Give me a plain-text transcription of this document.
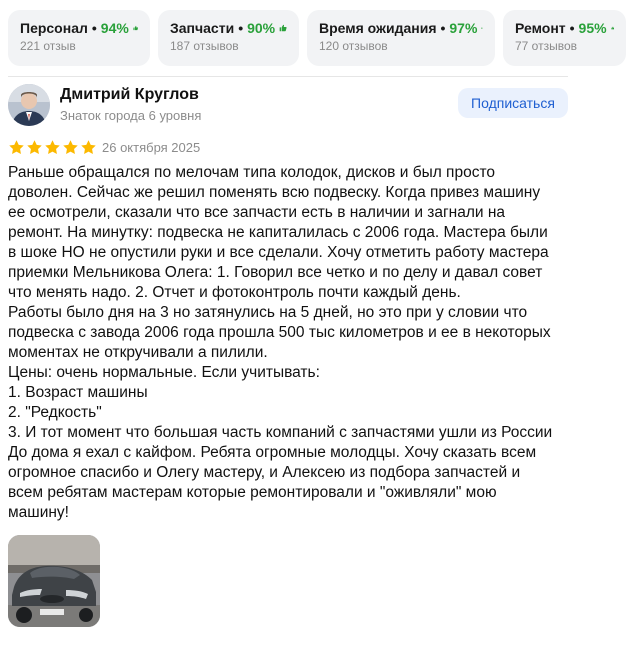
Персонал • 94%
221 отзыв
Запчасти • 90%
187 отзывов
Время ожидания • 97%
120 отзывов
Ремонт • 95%
77 отзывов
Дмитрий Круглов
Знаток города 6 уровня
Подписаться
26 октября 2025

Раньше обращался по мелочам типа колодок, дисков и был просто

доволен. Сейчас же решил поменять всю подвеску. Когда привез машину

ее осмотрели, сказали что все запчасти есть в наличии и загнали на

ремонт. На минутку: подвеска не капиталилась с 2006 года. Мастера были

в шоке НО не опустили руки и все сделали. Хочу отметить работу мастера

приемки Мельникова Олега: 1. Говорил все четко и по делу и давал совет

что менять надо. 2. Отчет и фотоконтроль почти каждый день.

Работы было дня на 3 но затянулись на 5 дней, но это при у словии что

подвеска с завода 2006 года прошла 500 тыс километров и ее в некоторых

моментах не откручивали а пилили.

Цены: очень нормальные. Если учитывать:

1. Возраст машины

2. "Редкость"

3. И тот момент что большая часть компаний с запчастями ушли из России

До дома я ехал с кайфом. Ребята огромные молодцы. Хочу сказать всем

огромное спасибо и Олегу мастеру, и Алексею из подбора запчастей и

всем ребятам мастерам которые ремонтировали и "оживляли" мою

машину!
